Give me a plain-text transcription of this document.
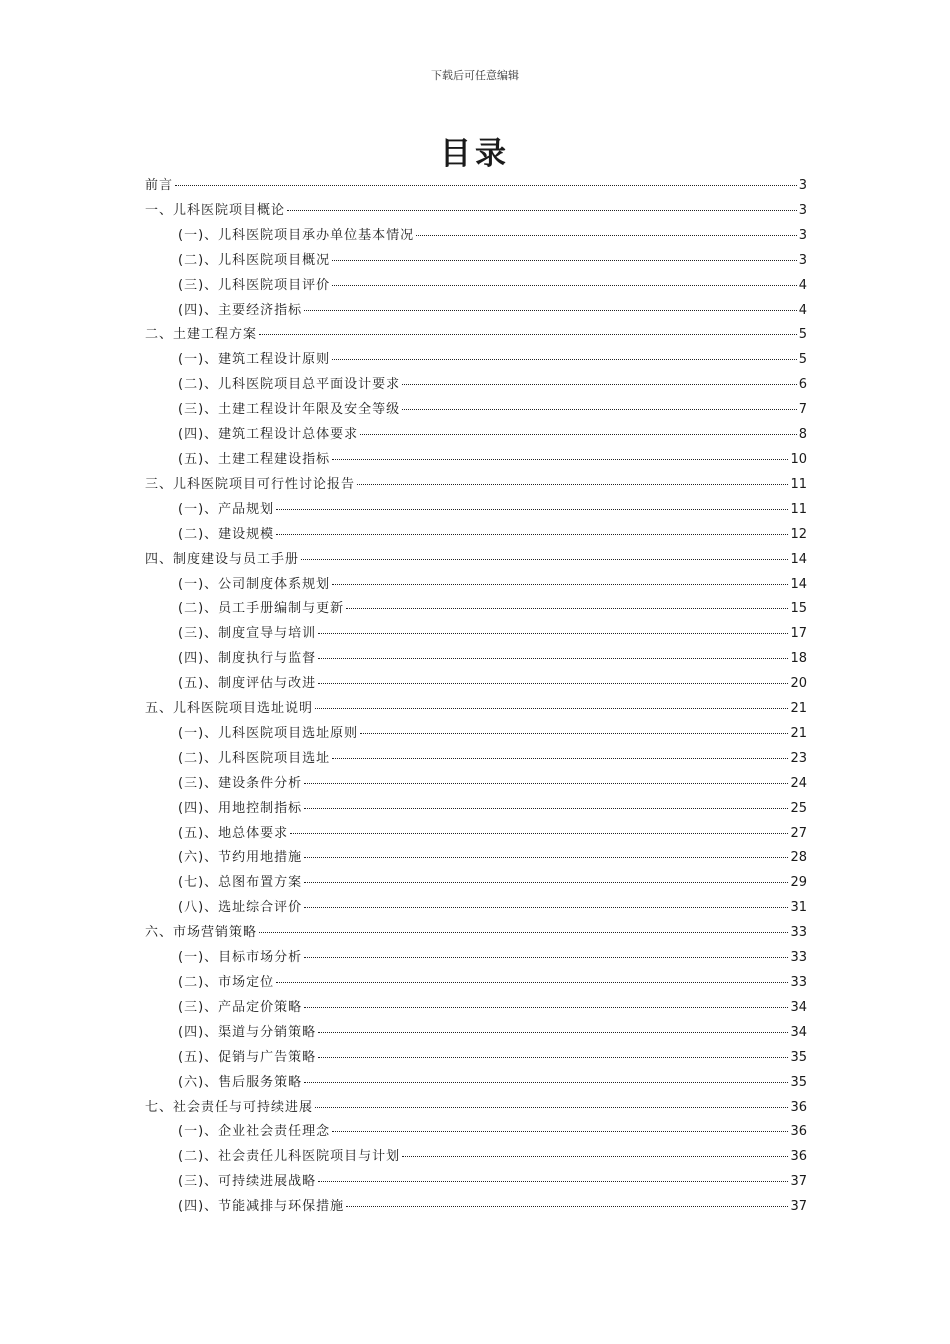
下载后可任意编辑
目录
前言	3
一、儿科医院项目概论	3
(一)、儿科医院项目承办单位基本情况	3
(二)、儿科医院项目概况	3
(三)、儿科医院项目评价	4
(四)、主要经济指标	4
二、土建工程方案	5
(一)、建筑工程设计原则	5
(二)、儿科医院项目总平面设计要求	6
(三)、土建工程设计年限及安全等级	7
(四)、建筑工程设计总体要求	8
(五)、土建工程建设指标	10
三、儿科医院项目可行性讨论报告	11
(一)、产品规划	11
(二)、建设规模	12
四、制度建设与员工手册	14
(一)、公司制度体系规划	14
(二)、员工手册编制与更新	15
(三)、制度宣导与培训	17
(四)、制度执行与监督	18
(五)、制度评估与改进	20
五、儿科医院项目选址说明	21
(一)、儿科医院项目选址原则	21
(二)、儿科医院项目选址	23
(三)、建设条件分析	24
(四)、用地控制指标	25
(五)、地总体要求	27
(六)、节约用地措施	28
(七)、总图布置方案	29
(八)、选址综合评价	31
六、市场营销策略	33
(一)、目标市场分析	33
(二)、市场定位	33
(三)、产品定价策略	34
(四)、渠道与分销策略	34
(五)、促销与广告策略	35
(六)、售后服务策略	35
七、社会责任与可持续进展	36
(一)、企业社会责任理念	36
(二)、社会责任儿科医院项目与计划	36
(三)、可持续进展战略	37
(四)、节能减排与环保措施	37
